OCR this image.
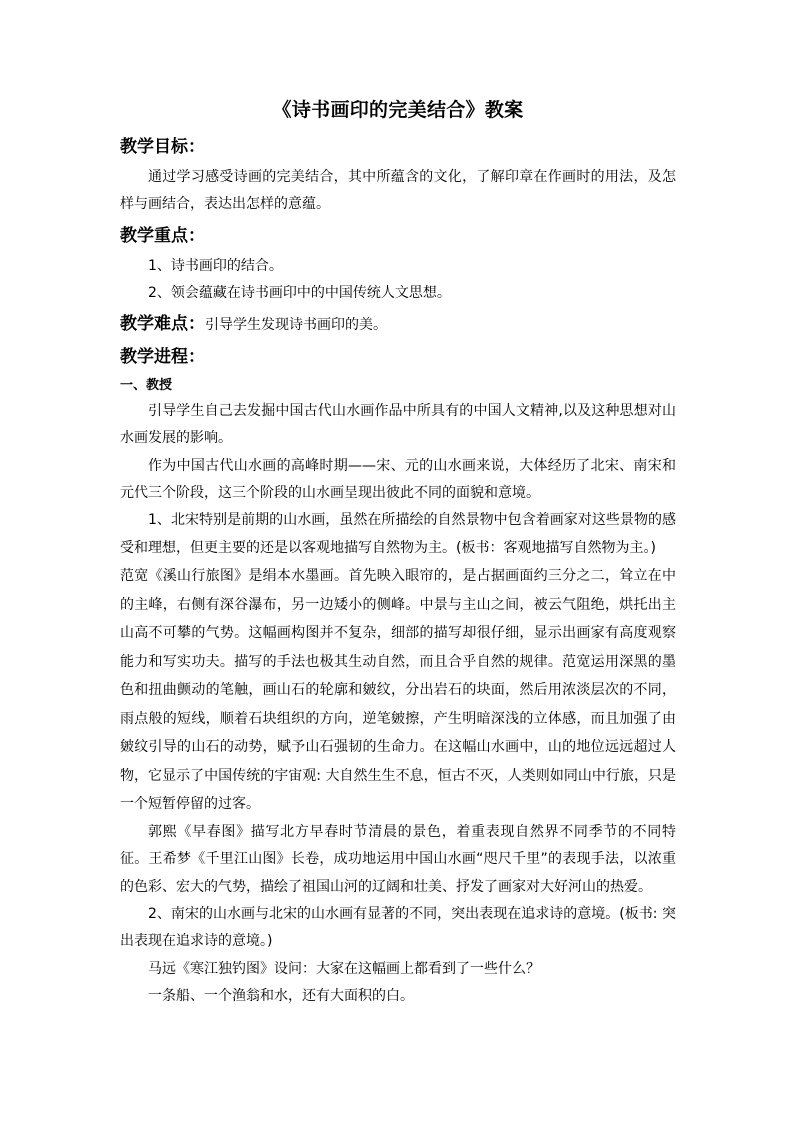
《诗书画印的完美结合》教案
教学目标：

通过学习感受诗画的完美结合，其中所蕴含的文化，了解印章在作画时的用法，及怎样与画结合，表达出怎样的意蕴。

教学重点：

1、诗书画印的结合。

2、领会蕴藏在诗书画印中的中国传统人文思想。

教学难点： 引导学生发现诗书画印的美。
教学进程：
一、教授

引导学生自己去发掘中国古代山水画作品中所具有的中国人文精神,以及这种思想对山水画发展的影响。

作为中国古代山水画的高峰时期——宋、元的山水画来说，大体经历了北宋、南宋和元代三个阶段，这三个阶段的山水画呈现出彼此不同的面貌和意境。

1、北宋特别是前期的山水画，虽然在所描绘的自然景物中包含着画家对这些景物的感受和理想，但更主要的还是以客观地描写自然物为主。(板书：客观地描写自然物为主。)

范宽《溪山行旅图》是绢本水墨画。首先映入眼帘的，是占据画面约三分之二，耸立在中的主峰，右侧有深谷瀑布，另一边矮小的侧峰。中景与主山之间，被云气阻绝，烘托出主山高不可攀的气势。这幅画构图并不复杂，细部的描写却很仔细，显示出画家有高度观察能力和写实功夫。描写的手法也极其生动自然，而且合乎自然的规律。范宽运用深黑的墨色和扭曲颤动的笔触，画山石的轮廓和皴纹，分出岩石的块面，然后用浓淡层次的不同，雨点般的短线，顺着石块组织的方向，逆笔皴擦，产生明暗深浅的立体感，而且加强了由皴纹引导的山石的动势，赋予山石强韧的生命力。在这幅山水画中，山的地位远远超过人物，它显示了中国传统的宇宙观: 大自然生生不息，恒古不灭，人类则如同山中行旅，只是一个短暂停留的过客。

郭熙《早春图》描写北方早春时节清晨的景色，着重表现自然界不同季节的不同特征。王希梦《千里江山图》长卷，成功地运用中国山水画“咫尺千里”的表现手法，以浓重的色彩、宏大的气势，描绘了祖国山河的辽阔和壮美、抒发了画家对大好河山的热爱。

2、南宋的山水画与北宋的山水画有显著的不同，突出表现在追求诗的意境。(板书: 突出表现在追求诗的意境。)

马远《寒江独钓图》设问：大家在这幅画上都看到了一些什么？

一条船、一个渔翁和水，还有大面积的白。
